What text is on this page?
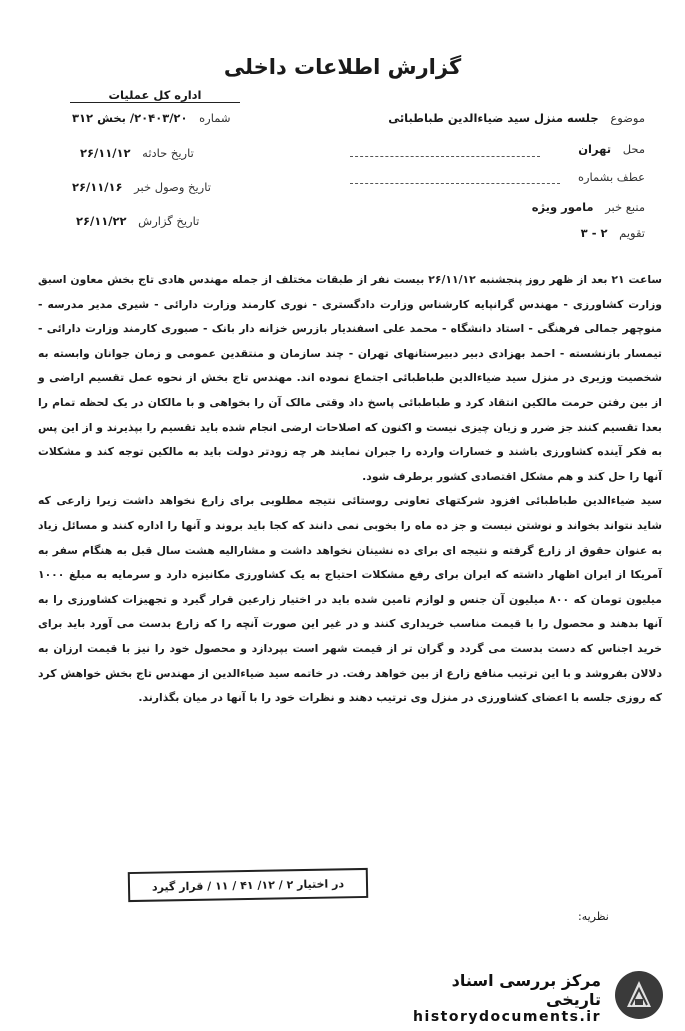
گزارش اطلاعات داخلی
اداره کل عملیات
شماره ۲۰۴۰۳/۲۰/ بخش ۳۱۲
تاریخ حادثه ۲۶/۱۱/۱۲
تاریخ وصول خبر ۲۶/۱۱/۱۶
تاریخ گزارش ۲۶/۱۱/۲۲
موضوع جلسه منزل سید ضیاءالدین طباطبائی
محل تهران
عطف بشماره
منبع خبر مامور ویژه
تقویم ۲ - ۳

ساعت ۲۱ بعد از ظهر روز پنجشنبه ۲۶/۱۱/۱۲ بیست نفر از طبقات مختلف از جمله مهندس هادی تاج بخش معاون اسبق وزارت کشاورزی - مهندس گرانپایه کارشناس وزارت دادگستری - نوری کارمند وزارت دارائی - شیری مدیر مدرسه - منوچهر جمالی فرهنگی - استاد دانشگاه - محمد علی اسفندیار بازرس خزانه دار بانک - صبوری کارمند وزارت دارائی - تیمسار بازنشسته - احمد بهزادی دبیر دبیرستانهای تهران - چند سازمان و منتقدین عمومی و زمان جوانان وابسته به شخصیت وزیری در منزل سید ضیاءالدین طباطبائی اجتماع نموده اند. مهندس تاج بخش از نحوه عمل تقسیم اراضی و از بین رفتن حرمت مالکین انتقاد کرد و طباطبائی پاسخ داد وقتی مالک آن را بخواهی و با مالکان در یک لحظه تمام را بعدا تقسیم کنند جز ضرر و زیان چیزی نیست و اکنون که اصلاحات ارضی انجام شده باید تقسیم را بپذیرند و از این پس به فکر آینده کشاورزی باشند و خسارات وارده را جبران نمایند هر چه زودتر دولت باید به مالکین توجه کند و مشکلات آنها را حل کند و هم مشکل اقتصادی کشور برطرف شود.

سید ضیاءالدین طباطبائی افزود شرکتهای تعاونی روستائی نتیجه مطلوبی برای زارع نخواهد داشت زیرا زارعی که شاید نتواند بخواند و نوشتن نیست و جز ده ماه را بخوبی نمی دانند که کجا باید بروند و آنها را اداره کنند و مسائل زیاد به عنوان حقوق از زارع گرفته و نتیجه ای برای ده نشینان نخواهد داشت و مشارالیه هشت سال قبل به هنگام سفر به آمریکا از ایران اظهار داشته که ایران برای رفع مشکلات احتیاج به یک کشاورزی مکانیزه دارد و سرمایه به مبلغ ۱۰۰۰ میلیون تومان که ۸۰۰ میلیون آن جنس و لوازم تامین شده باید در اختیار زارعین قرار گیرد و تجهیزات کشاورزی را به آنها بدهند و محصول را با قیمت مناسب خریداری کنند و در غیر این صورت آنچه را که زارع بدست می آورد باید برای خرید اجناس که دست بدست می گردد و گران تر از قیمت شهر است بپردازد و محصول خود را نیز با قیمت ارزان به دلالان بفروشد و با این ترتیب منافع زارع از بین خواهد رفت. در خاتمه سید ضیاءالدین از مهندس تاج بخش خواهش کرد که روزی جلسه با اعضای کشاورزی در منزل وی ترتیب دهند و نظرات خود را با آنها در میان بگذارند.

در اختیار ۲ / ۱۲/ ۴۱ / ۱۱ / قرار گیرد
نظریه:
مرکز بررسی اسناد تاریخی
historydocuments.ir
